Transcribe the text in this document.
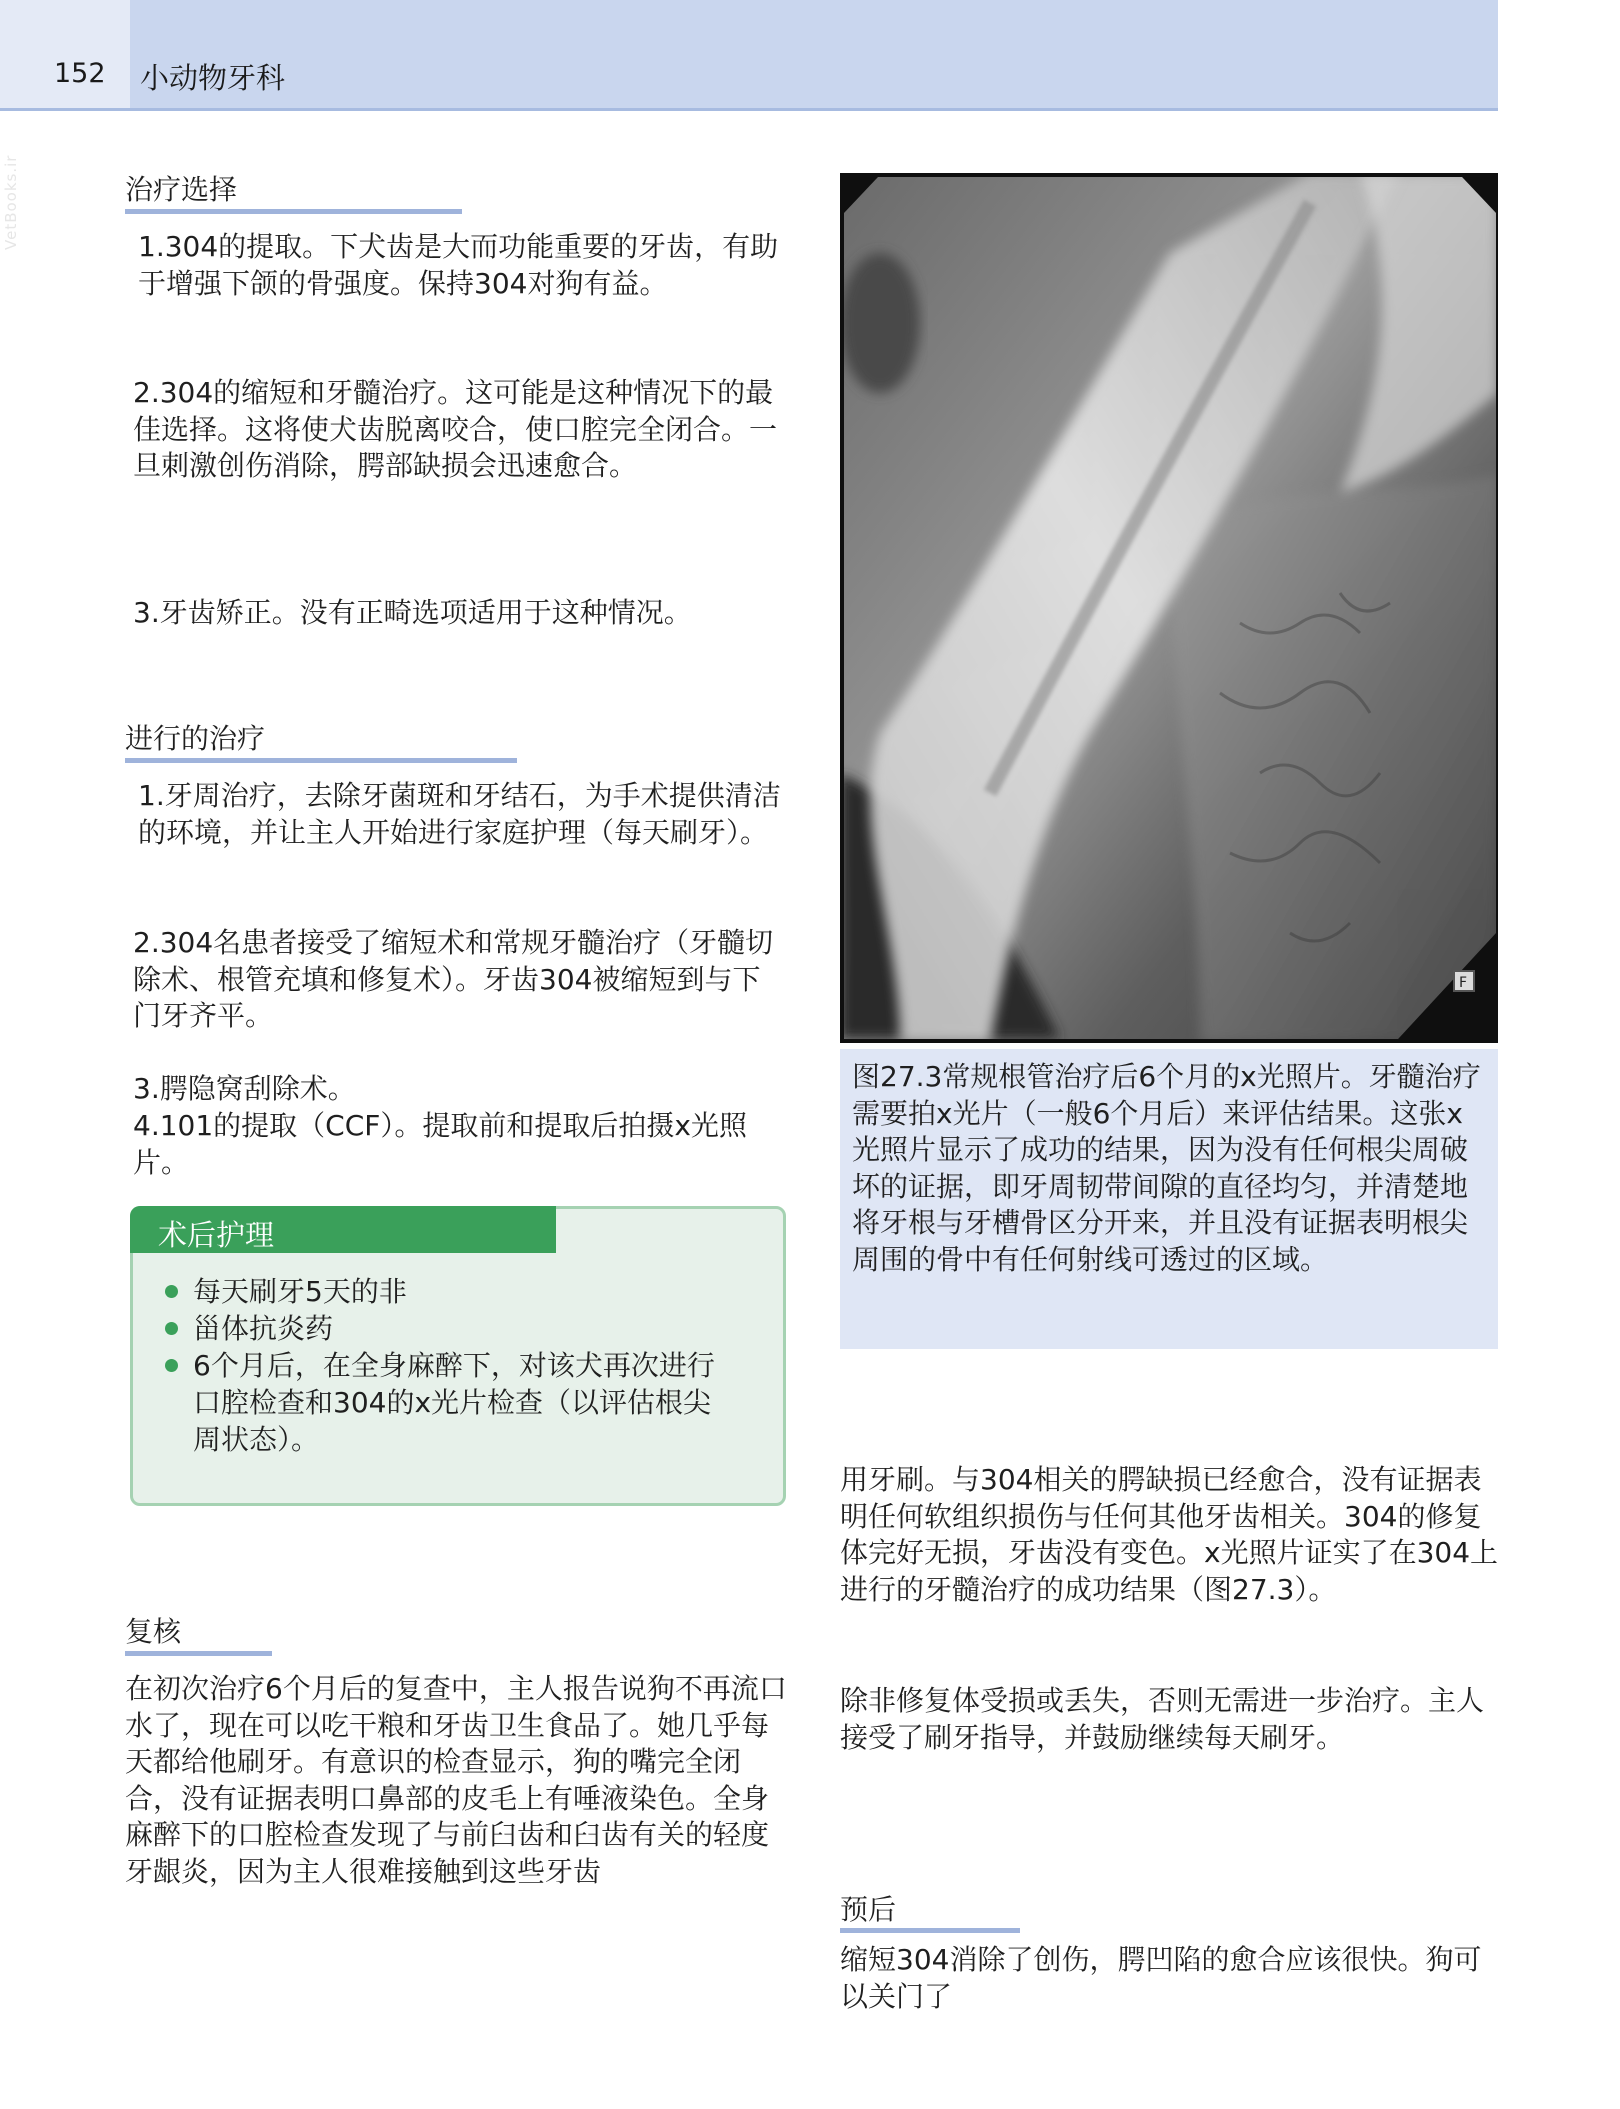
152 小动物牙科
VetBooks.ir	治疗选择

1.304的提取。下犬齿是大而功能重要的牙齿，有助于增强下颌的骨强度。保持304对狗有益。

2.304的缩短和牙髓治疗。这可能是这种情况下的最佳选择。这将使犬齿脱离咬合，使口腔完全闭合。一旦刺激创伤消除，腭部缺损会迅速愈合。

3.牙齿矫正。没有正畸选项适用于这种情况。

进行的治疗

1.牙周治疗，去除牙菌斑和牙结石，为手术提供清洁的环境，并让主人开始进行家庭护理（每天刷牙）。

2.304名患者接受了缩短术和常规牙髓治疗（牙髓切除术、根管充填和修复术）。牙齿304被缩短到与下门牙齐平。

3.腭隐窝刮除术。

4.101的提取（CCF）。提取前和提取后拍摄x光照片。

术后护理
每天刷牙5天的非
甾体抗炎药
6个月后，在全身麻醉下，对该犬再次进行口腔检查和304的x光片检查（以评估根尖周状态）。
复核

在初次治疗6个月后的复查中，主人报告说狗不再流口水了，现在可以吃干粮和牙齿卫生食品了。她几乎每天都给他刷牙。有意识的检查显示，狗的嘴完全闭合，没有证据表明口鼻部的皮毛上有唾液染色。全身麻醉下的口腔检查发现了与前臼齿和臼齿有关的轻度牙龈炎，因为主人很难接触到这些牙齿

F

图27.3常规根管治疗后6个月的x光照片。牙髓治疗需要拍x光片（一般6个月后）来评估结果。这张x光照片显示了成功的结果，因为没有任何根尖周破坏的证据，即牙周韧带间隙的直径均匀，并清楚地将牙根与牙槽骨区分开来，并且没有证据表明根尖周围的骨中有任何射线可透过的区域。

用牙刷。与304相关的腭缺损已经愈合，没有证据表明任何软组织损伤与任何其他牙齿相关。304的修复体完好无损，牙齿没有变色。x光照片证实了在304上进行的牙髓治疗的成功结果（图27.3）。

除非修复体受损或丢失，否则无需进一步治疗。主人接受了刷牙指导，并鼓励继续每天刷牙。

预后

缩短304消除了创伤，腭凹陷的愈合应该很快。狗可以关门了
